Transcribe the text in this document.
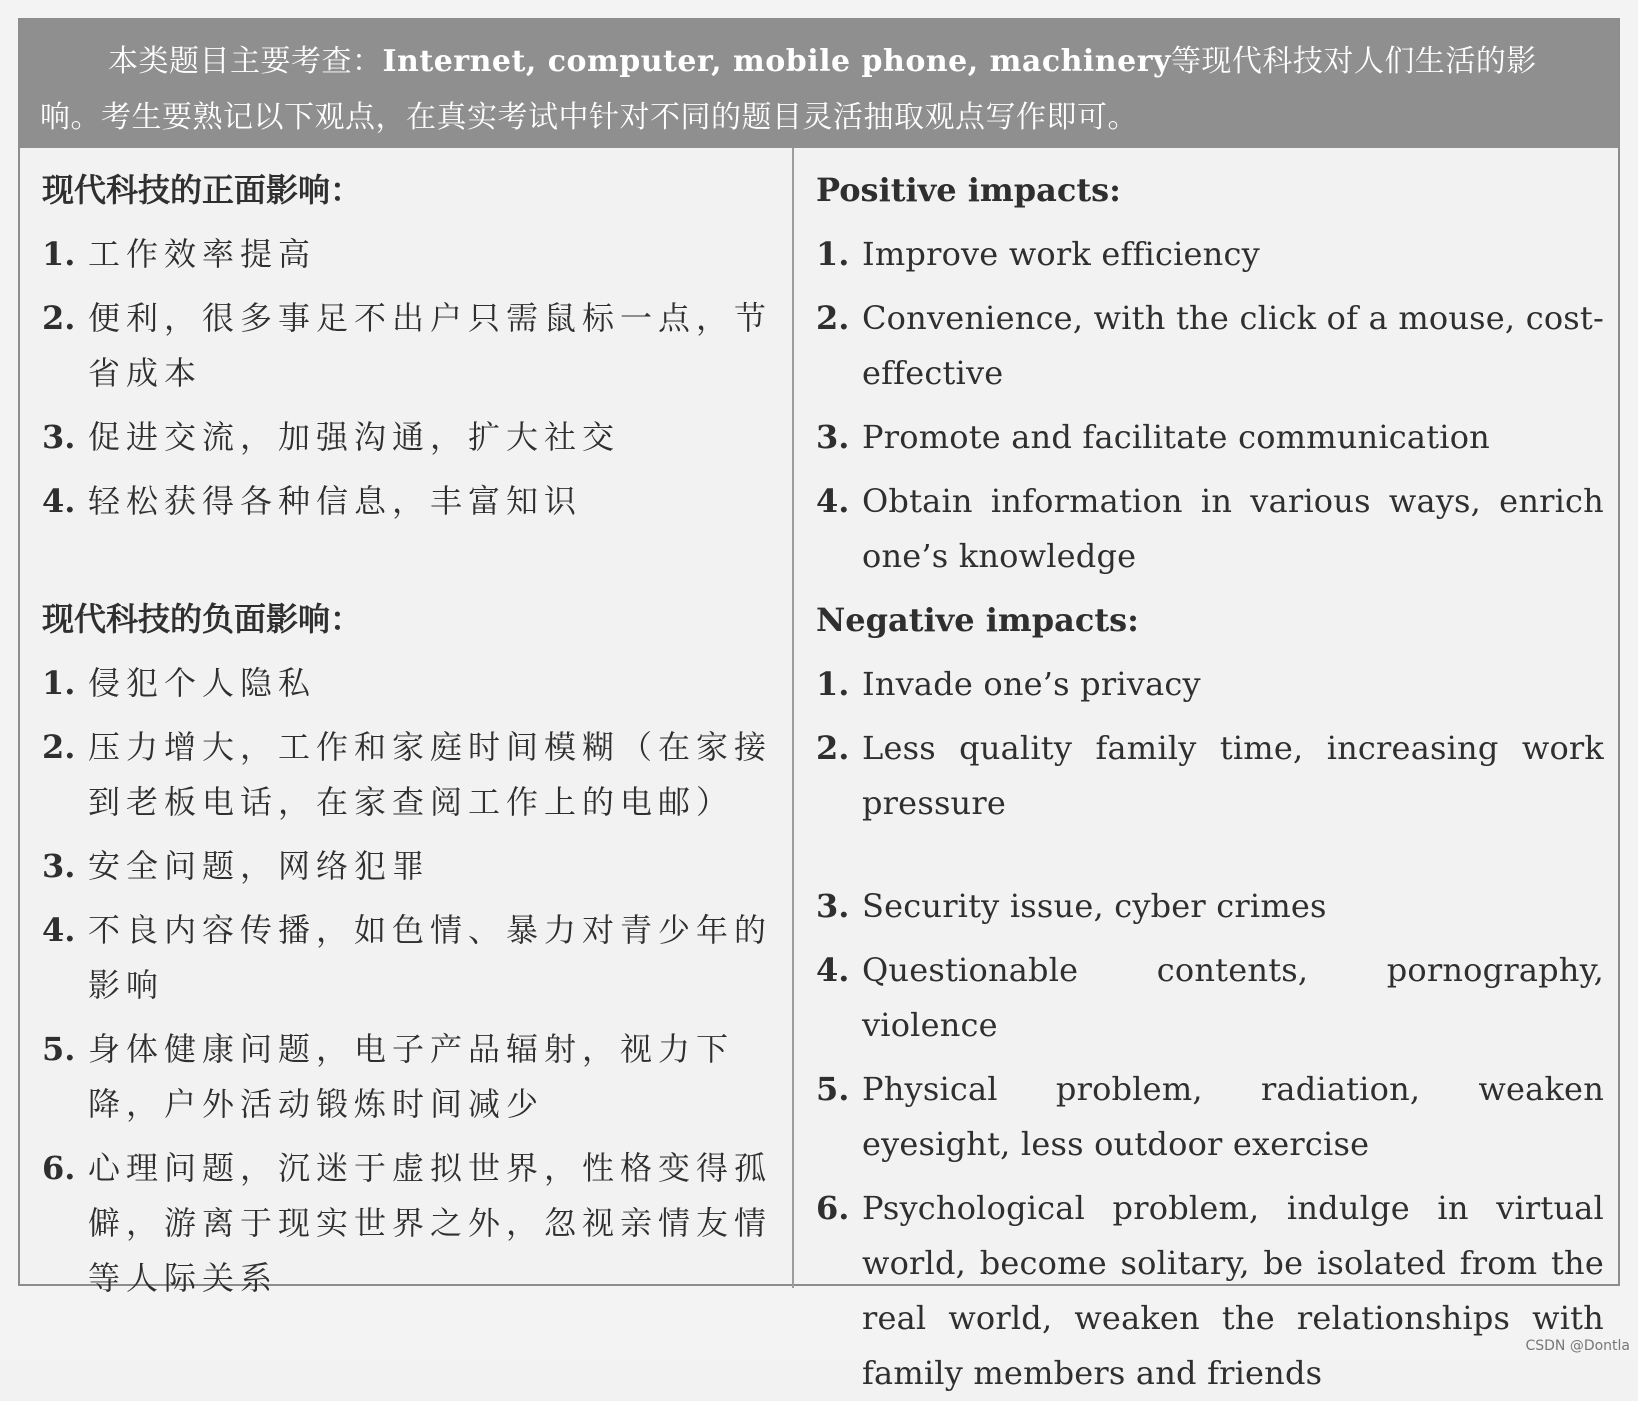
本类题目主要考查：Internet, computer, mobile phone, machinery等现代科技对人们生活的影
响。考生要熟记以下观点，在真实考试中针对不同的题目灵活抽取观点写作即可。

现代科技的正面影响：

1. 工作效率提高
2. 便利，很多事足不出户只需鼠标一点，节省成本
3. 促进交流，加强沟通，扩大社交
4. 轻松获得各种信息，丰富知识

现代科技的负面影响：

1. 侵犯个人隐私
2. 压力增大，工作和家庭时间模糊（在家接到老板电话，在家查阅工作上的电邮）
3. 安全问题，网络犯罪
4. 不良内容传播，如色情、暴力对青少年的影响
5. 身体健康问题，电子产品辐射，视力下降，户外活动锻炼时间减少
6. 心理问题，沉迷于虚拟世界，性格变得孤僻，游离于现实世界之外，忽视亲情友情等人际关系

Positive impacts:

1. Improve work efficiency
2. Convenience, with the click of a mouse, cost-effective
3. Promote and facilitate communication
4. Obtain information in various ways, enrich one’s knowledge

Negative impacts:

1. Invade one’s privacy
2. Less quality family time, increasing work pressure
3. Security issue, cyber crimes
4. Questionable contents, pornography, violence
5. Physical problem, radiation, weaken eyesight, less outdoor exercise
6. Psychological problem, indulge in virtual world, become solitary, be isolated from the real world, weaken the relationships with family members and friends
CSDN @Dontla
